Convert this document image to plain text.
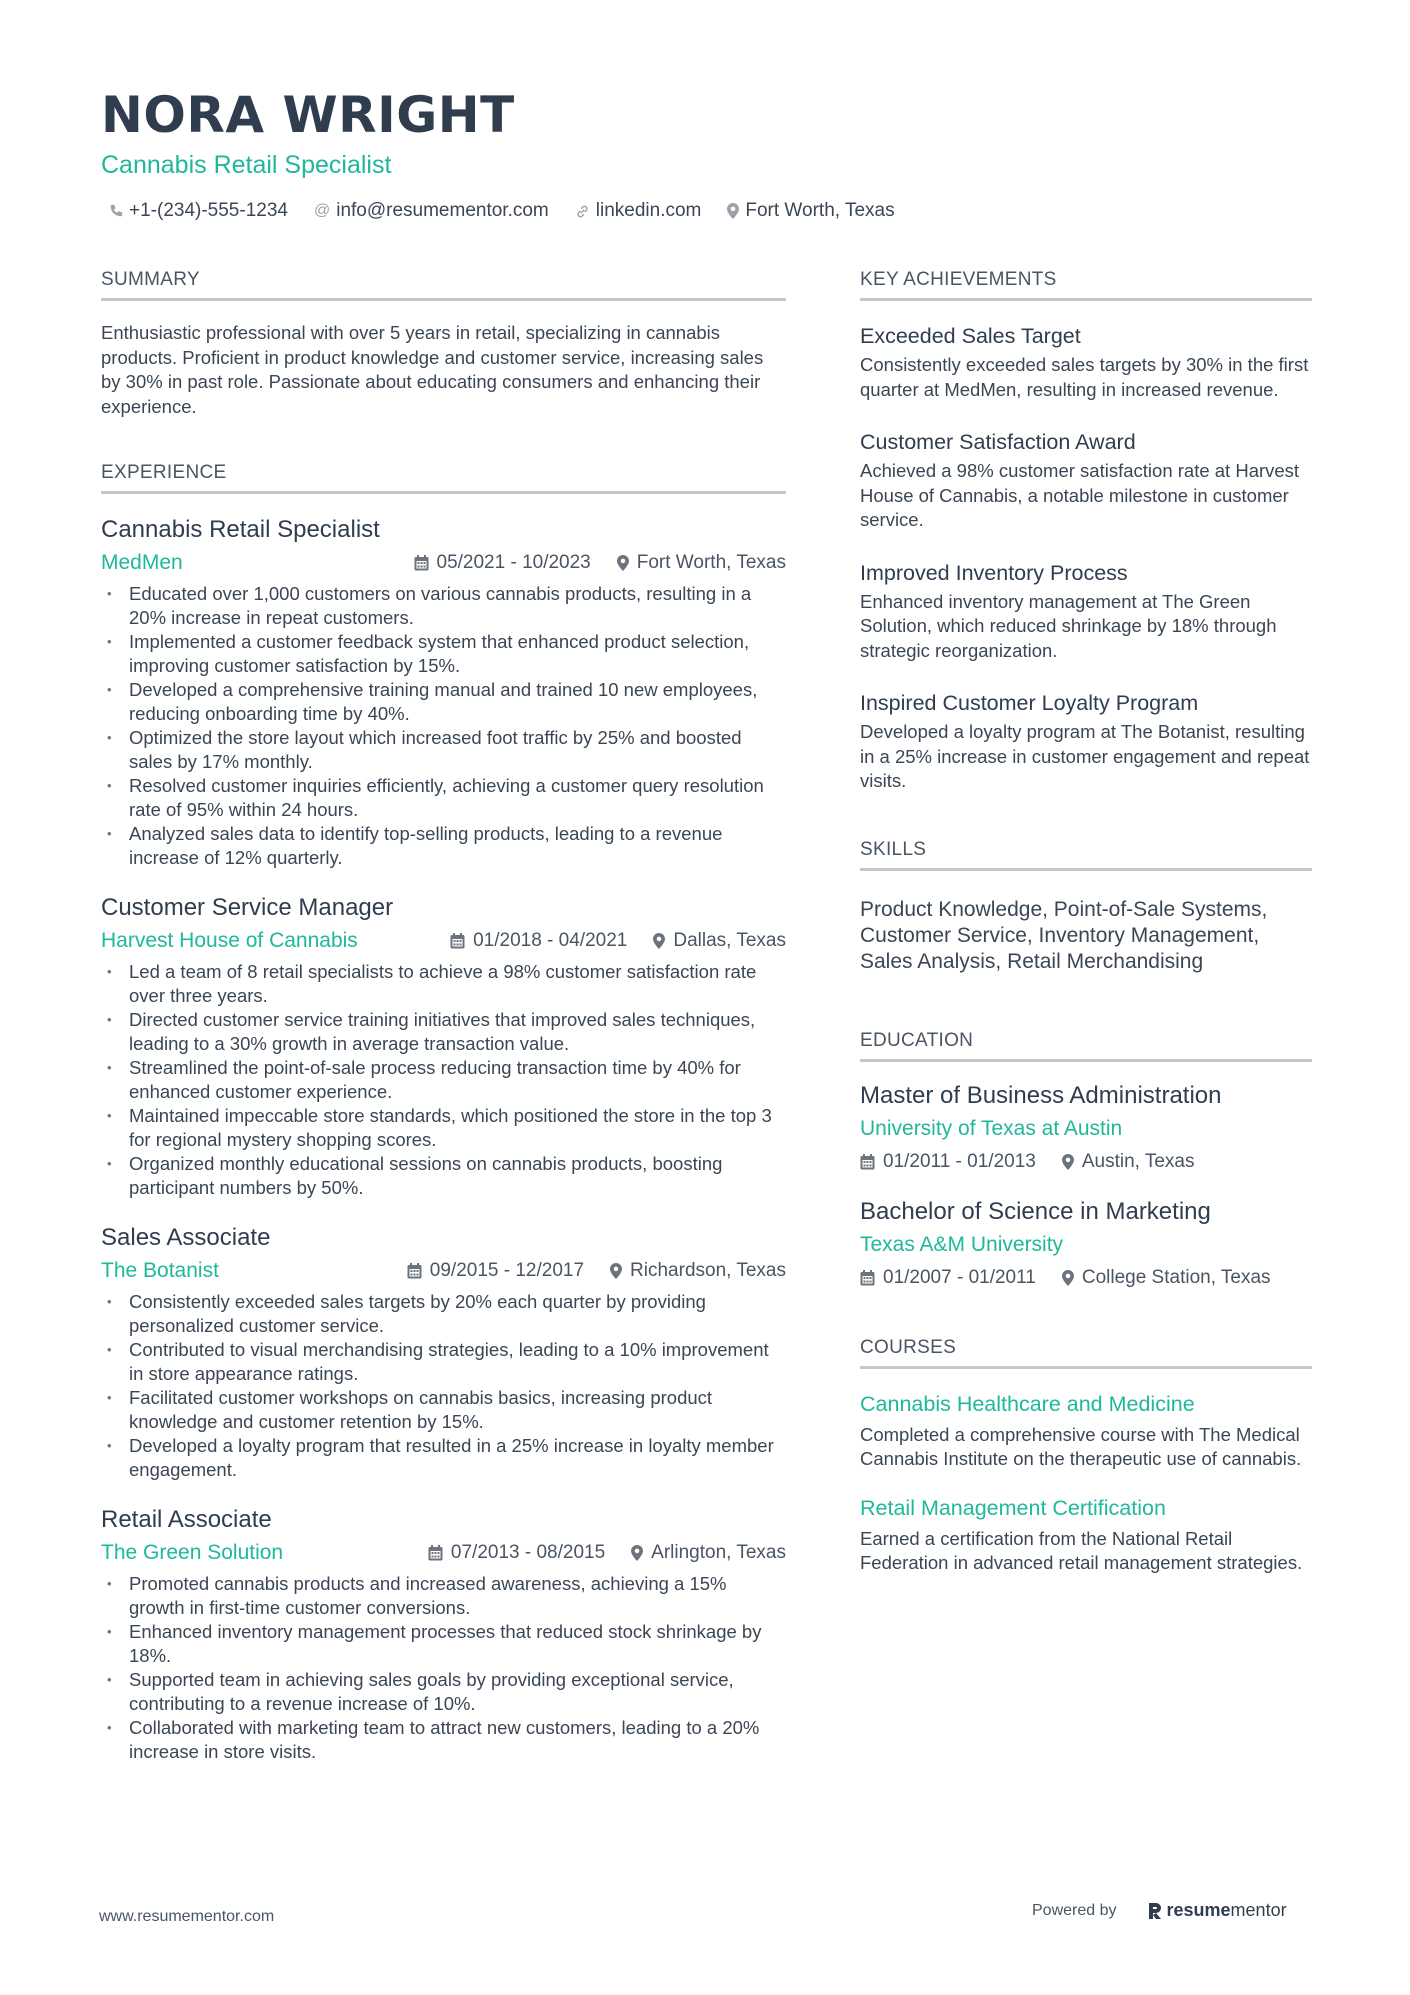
NORA WRIGHT
Cannabis Retail Specialist
+1-(234)-555-1234 @ info@resumementor.com linkedin.com Fort Worth, Texas
SUMMARY
Enthusiastic professional with over 5 years in retail, specializing in cannabis products. Proficient in product knowledge and customer service, increasing sales by 30% in past role. Passionate about educating consumers and enhancing their experience.
EXPERIENCE
Cannabis Retail Specialist
MedMen	05/2021 - 10/2023 Fort Worth, Texas
• Educated over 1,000 customers on various cannabis products, resulting in a 20% increase in repeat customers.
• Implemented a customer feedback system that enhanced product selection, improving customer satisfaction by 15%.
• Developed a comprehensive training manual and trained 10 new employees, reducing onboarding time by 40%.
• Optimized the store layout which increased foot traffic by 25% and boosted sales by 17% monthly.
• Resolved customer inquiries efficiently, achieving a customer query resolution rate of 95% within 24 hours.
• Analyzed sales data to identify top-selling products, leading to a revenue increase of 12% quarterly.
Customer Service Manager
Harvest House of Cannabis	01/2018 - 04/2021 Dallas, Texas
• Led a team of 8 retail specialists to achieve a 98% customer satisfaction rate over three years.
• Directed customer service training initiatives that improved sales techniques, leading to a 30% growth in average transaction value.
• Streamlined the point-of-sale process reducing transaction time by 40% for enhanced customer experience.
• Maintained impeccable store standards, which positioned the store in the top 3 for regional mystery shopping scores.
• Organized monthly educational sessions on cannabis products, boosting participant numbers by 50%.
Sales Associate
The Botanist	09/2015 - 12/2017 Richardson, Texas
• Consistently exceeded sales targets by 20% each quarter by providing personalized customer service.
• Contributed to visual merchandising strategies, leading to a 10% improvement in store appearance ratings.
• Facilitated customer workshops on cannabis basics, increasing product knowledge and customer retention by 15%.
• Developed a loyalty program that resulted in a 25% increase in loyalty member engagement.
Retail Associate
The Green Solution	07/2013 - 08/2015 Arlington, Texas
• Promoted cannabis products and increased awareness, achieving a 15% growth in first-time customer conversions.
• Enhanced inventory management processes that reduced stock shrinkage by 18%.
• Supported team in achieving sales goals by providing exceptional service, contributing to a revenue increase of 10%.
• Collaborated with marketing team to attract new customers, leading to a 20% increase in store visits.
KEY ACHIEVEMENTS
Exceeded Sales Target
Consistently exceeded sales targets by 30% in the first quarter at MedMen, resulting in increased revenue.
Customer Satisfaction Award
Achieved a 98% customer satisfaction rate at Harvest House of Cannabis, a notable milestone in customer service.
Improved Inventory Process
Enhanced inventory management at The Green Solution, which reduced shrinkage by 18% through strategic reorganization.
Inspired Customer Loyalty Program
Developed a loyalty program at The Botanist, resulting in a 25% increase in customer engagement and repeat visits.
SKILLS
Product Knowledge, Point-of-Sale Systems, Customer Service, Inventory Management, Sales Analysis, Retail Merchandising
EDUCATION
Master of Business Administration
University of Texas at Austin
01/2011 - 01/2013 Austin, Texas
Bachelor of Science in Marketing
Texas A&M University
01/2007 - 01/2011 College Station, Texas
COURSES
Cannabis Healthcare and Medicine
Completed a comprehensive course with The Medical Cannabis Institute on the therapeutic use of cannabis.
Retail Management Certification
Earned a certification from the National Retail Federation in advanced retail management strategies.
www.resumementor.com	Powered by	resume mentor
